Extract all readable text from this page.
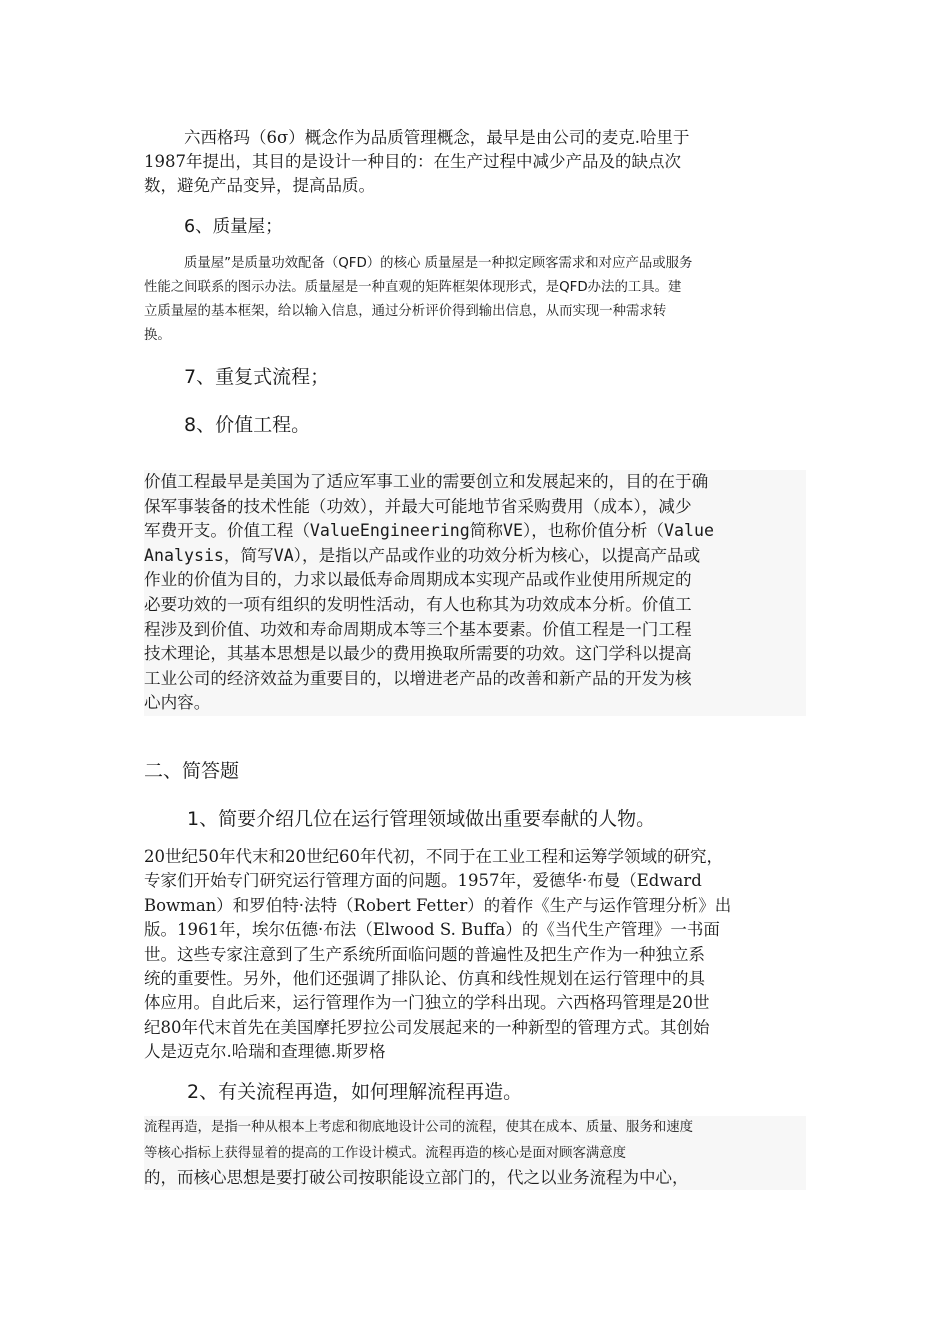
六西格玛（6σ）概念作为品质管理概念，最早是由公司的麦克.哈里于
1987年提出，其目的是设计一种目的：在生产过程中减少产品及的缺点次
数，避免产品变异，提高品质。
6、质量屋；
质量屋”是质量功效配备（QFD）的核心 质量屋是一种拟定顾客需求和对应产品或服务
性能之间联系的图示办法。质量屋是一种直观的矩阵框架体现形式，是QFD办法的工具。建
立质量屋的基本框架，给以输入信息，通过分析评价得到输出信息，从而实现一种需求转
换。
7、重复式流程；
8、价值工程。
价值工程最早是美国为了适应军事工业的需要创立和发展起来的，目的在于确
保军事装备的技术性能（功效），并最大可能地节省采购费用（成本），减少
军费开支。价值工程（ValueEngineering简称VE），也称价值分析（Value
Analysis，简写VA），是指以产品或作业的功效分析为核心，以提高产品或
作业的价值为目的，力求以最低寿命周期成本实现产品或作业使用所规定的
必要功效的一项有组织的发明性活动，有人也称其为功效成本分析。价值工
程涉及到价值、功效和寿命周期成本等三个基本要素。价值工程是一门工程
技术理论，其基本思想是以最少的费用换取所需要的功效。这门学科以提高
工业公司的经济效益为重要目的，以增进老产品的改善和新产品的开发为核
心内容。
二、简答题
1、简要介绍几位在运行管理领域做出重要奉献的人物。
20世纪50年代末和20世纪60年代初，不同于在工业工程和运筹学领域的研究，
专家们开始专门研究运行管理方面的问题。1957年，爱德华·布曼（Edward
Bowman）和罗伯特·法特（Robert Fetter）的着作《生产与运作管理分析》出
版。1961年，埃尔伍德·布法（Elwood S. Buffa）的《当代生产管理》一书面
世。这些专家注意到了生产系统所面临问题的普遍性及把生产作为一种独立系
统的重要性。另外，他们还强调了排队论、仿真和线性规划在运行管理中的具
体应用。自此后来，运行管理作为一门独立的学科出现。六西格玛管理是20世
纪80年代末首先在美国摩托罗拉公司发展起来的一种新型的管理方式。其创始
人是迈克尔.哈瑞和查理德.斯罗格
2、有关流程再造，如何理解流程再造。
流程再造，是指一种从根本上考虑和彻底地设计公司的流程，使其在成本、质量、服务和速度
等核心指标上获得显着的提高的工作设计模式。流程再造的核心是面对顾客满意度
的，而核心思想是要打破公司按职能设立部门的，代之以业务流程为中心，
